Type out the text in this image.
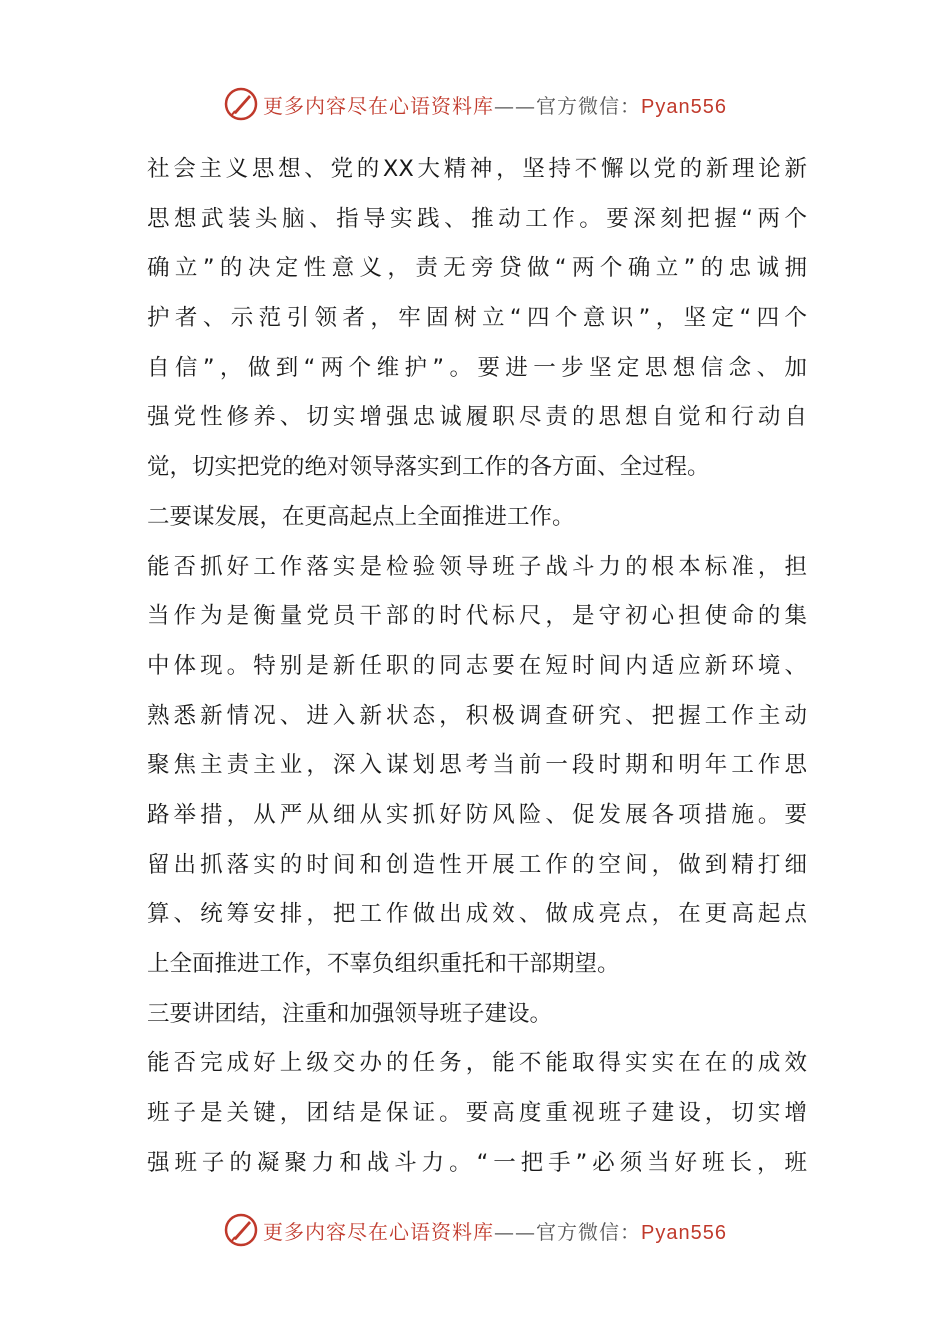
更多内容尽在心语资料库——官方微信：Pyan556
社会主义思想、党的XX大精神，坚持不懈以党的新理论新
思想武装头脑、指导实践、推动工作。要深刻把握“两个
确立”的决定性意义，责无旁贷做“两个确立”的忠诚拥
护者、示范引领者，牢固树立“四个意识”，坚定“四个
自信”，做到“两个维护”。要进一步坚定思想信念、加
强党性修养、切实增强忠诚履职尽责的思想自觉和行动自
觉，切实把党的绝对领导落实到工作的各方面、全过程。
二要谋发展，在更高起点上全面推进工作。
能否抓好工作落实是检验领导班子战斗力的根本标准，担
当作为是衡量党员干部的时代标尺，是守初心担使命的集
中体现。特别是新任职的同志要在短时间内适应新环境、
熟悉新情况、进入新状态，积极调查研究、把握工作主动
聚焦主责主业，深入谋划思考当前一段时期和明年工作思
路举措，从严从细从实抓好防风险、促发展各项措施。要
留出抓落实的时间和创造性开展工作的空间，做到精打细
算、统筹安排，把工作做出成效、做成亮点，在更高起点
上全面推进工作，不辜负组织重托和干部期望。
三要讲团结，注重和加强领导班子建设。
能否完成好上级交办的任务，能不能取得实实在在的成效
班子是关键，团结是保证。要高度重视班子建设，切实增
强班子的凝聚力和战斗力。“一把手”必须当好班长，班
更多内容尽在心语资料库——官方微信：Pyan556
